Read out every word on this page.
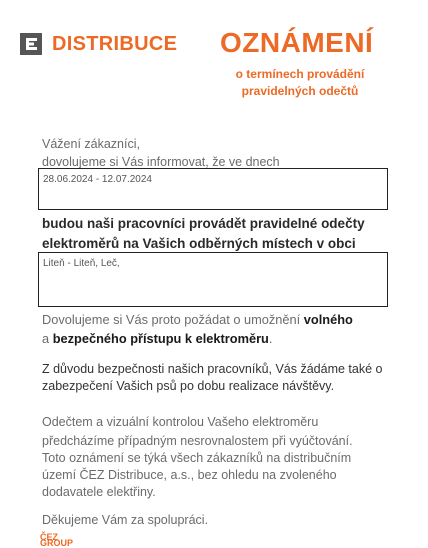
DISTRIBUCE OZNÁMENÍ
o termínech provádění
pravidelných odečtů

Vážení zákazníci,

dovolujeme si Vás informovat, že ve dnech

28.06.2024 - 12.07.2024

budou naši pracovníci provádět pravidelné odečty

elektroměrů na Vašich odběrných místech v obci

Liteň - Liteň, Leč,

Dovolujeme si Vás proto požádat o umožnění volného

a bezpečného přístupu k elektroměru.

Z důvodu bezpečnosti našich pracovníků, Vás žádáme také o

zabezpečení Vašich psů po dobu realizace návštěvy.

Odečtem a vizuální kontrolou Vašeho elektroměru

předcházíme případným nesrovnalostem při vyúčtování.

Toto oznámení se týká všech zákazníků na distribučním

území ČEZ Distribuce, a.s., bez ohledu na zvoleného

dodavatele elektřiny.

Děkujeme Vám za spolupráci.

ČEZ GROUP
